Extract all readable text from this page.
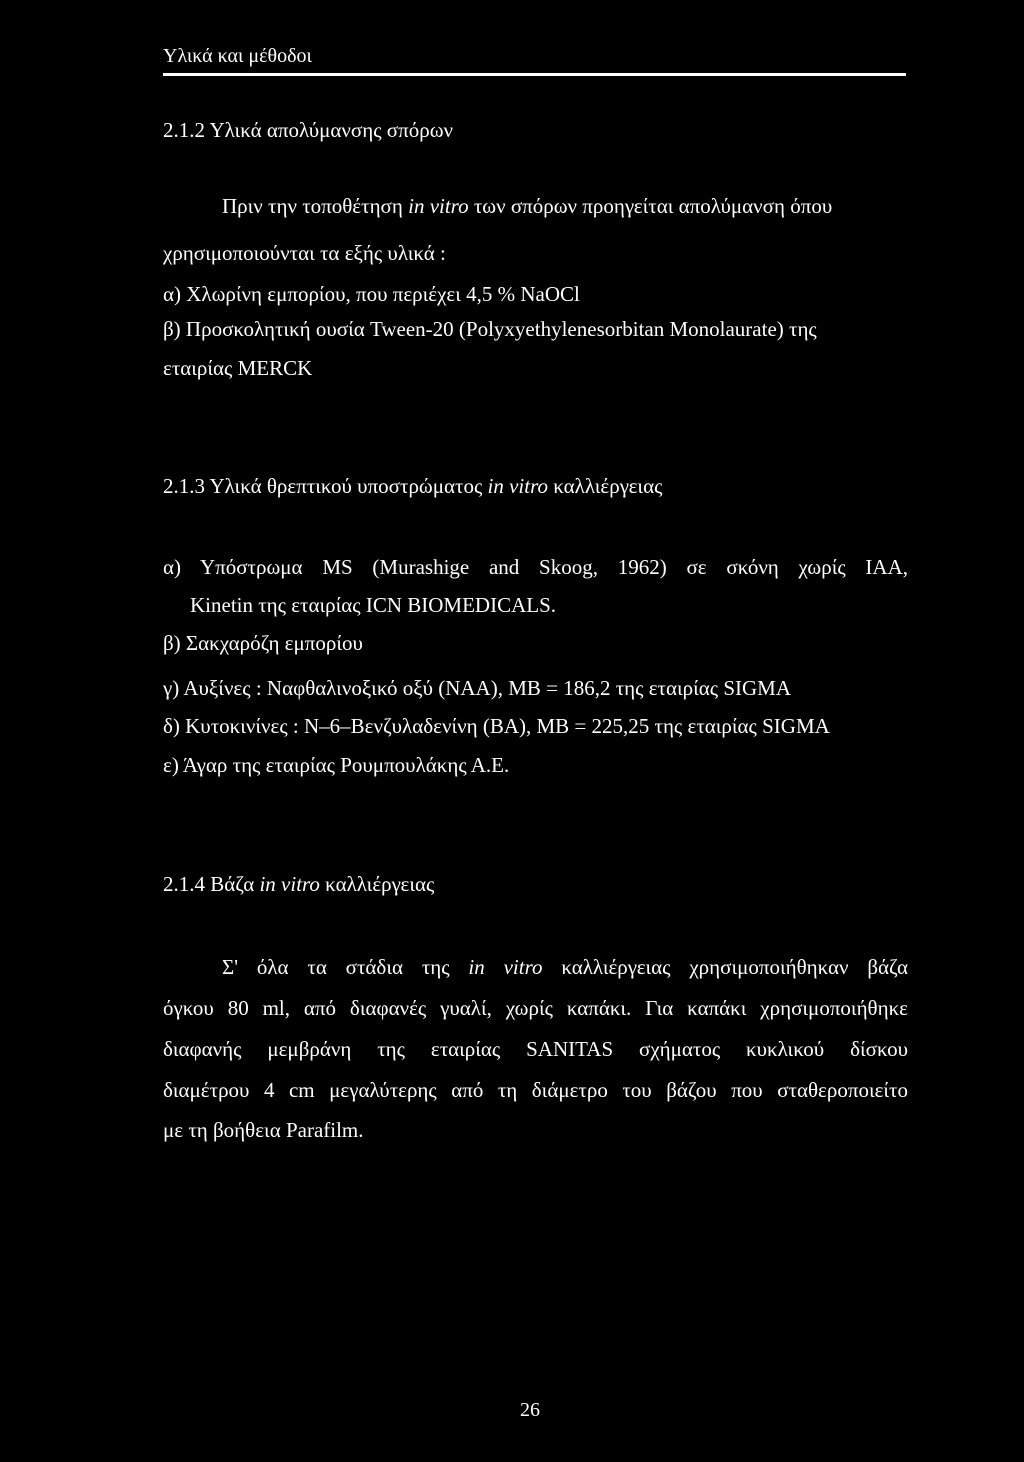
Υλικά και μέθοδοι
2.1.2 Υλικά απολύμανσης σπόρων
Πριν την τοποθέτηση in vitro των σπόρων προηγείται απολύμανση όπου
χρησιμοποιούνται τα εξής υλικά :
α) Χλωρίνη εμπορίου, που περιέχει 4,5 % NaOCl
β) Προσκολητική ουσία Tween-20 (Polyxyethylenesorbitan Monolaurate) της
εταιρίας MERCK
2.1.3 Υλικά θρεπτικού υποστρώματος in vitro καλλιέργειας
α) Υπόστρωμα MS (Murashige and Skoog, 1962) σε σκόνη χωρίς IAA,
Kinetin της εταιρίας ICN BIOMEDICALS.
β) Σακχαρόζη εμπορίου
γ) Αυξίνες : Ναφθαλινοξικό οξύ (ΝΑΑ), ΜΒ = 186,2 της εταιρίας SIGMA
δ) Κυτοκινίνες : Ν–6–Βενζυλαδενίνη (ΒΑ), ΜΒ = 225,25 της εταιρίας SIGMA
ε) Άγαρ της εταιρίας Ρουμπουλάκης Α.Ε.
2.1.4 Βάζα in vitro καλλιέργειας
Σ' όλα τα στάδια της in vitro καλλιέργειας χρησιμοποιήθηκαν βάζα
όγκου 80 ml, από διαφανές γυαλί, χωρίς καπάκι. Για καπάκι χρησιμοποιήθηκε
διαφανής μεμβράνη της εταιρίας SANITAS σχήματος κυκλικού δίσκου
διαμέτρου 4 cm μεγαλύτερης από τη διάμετρο του βάζου που σταθεροποιείτο
με τη βοήθεια Parafilm.
26
